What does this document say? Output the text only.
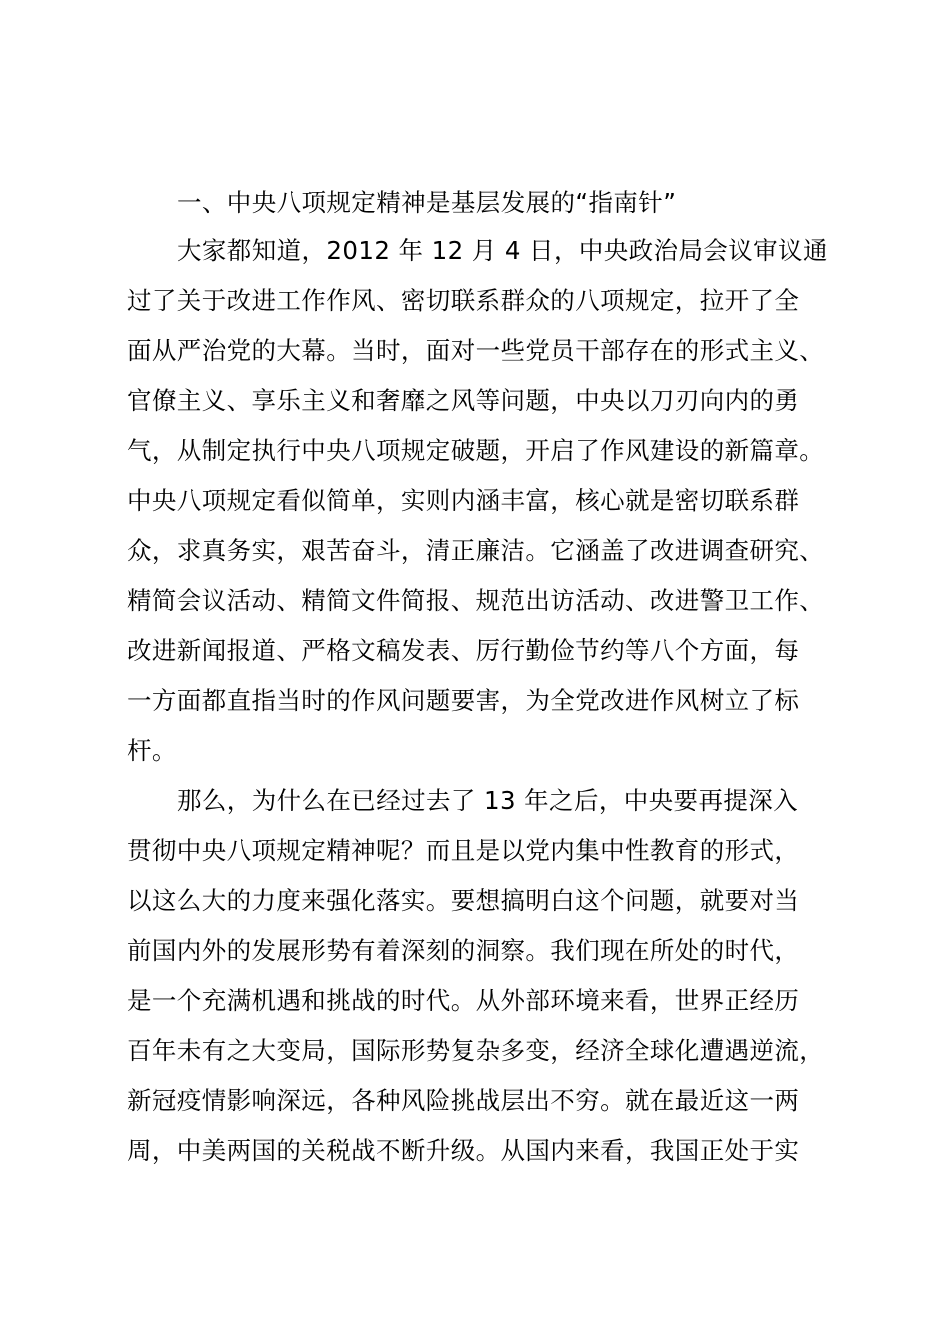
一、中央八项规定精神是基层发展的“指南针”
大家都知道，2012 年 12 月 4 日，中央政治局会议审议通
过了关于改进工作作风、密切联系群众的八项规定，拉开了全
面从严治党的大幕。当时，面对一些党员干部存在的形式主义、
官僚主义、享乐主义和奢靡之风等问题，中央以刀刃向内的勇
气，从制定执行中央八项规定破题，开启了作风建设的新篇章。
中央八项规定看似简单，实则内涵丰富，核心就是密切联系群
众，求真务实，艰苦奋斗，清正廉洁。它涵盖了改进调查研究、
精简会议活动、精简文件简报、规范出访活动、改进警卫工作、
改进新闻报道、严格文稿发表、厉行勤俭节约等八个方面，每
一方面都直指当时的作风问题要害，为全党改进作风树立了标
杆。
那么，为什么在已经过去了 13 年之后，中央要再提深入
贯彻中央八项规定精神呢？而且是以党内集中性教育的形式，
以这么大的力度来强化落实。要想搞明白这个问题，就要对当
前国内外的发展形势有着深刻的洞察。我们现在所处的时代，
是一个充满机遇和挑战的时代。从外部环境来看，世界正经历
百年未有之大变局，国际形势复杂多变，经济全球化遭遇逆流，
新冠疫情影响深远，各种风险挑战层出不穷。就在最近这一两
周，中美两国的关税战不断升级。从国内来看，我国正处于实
